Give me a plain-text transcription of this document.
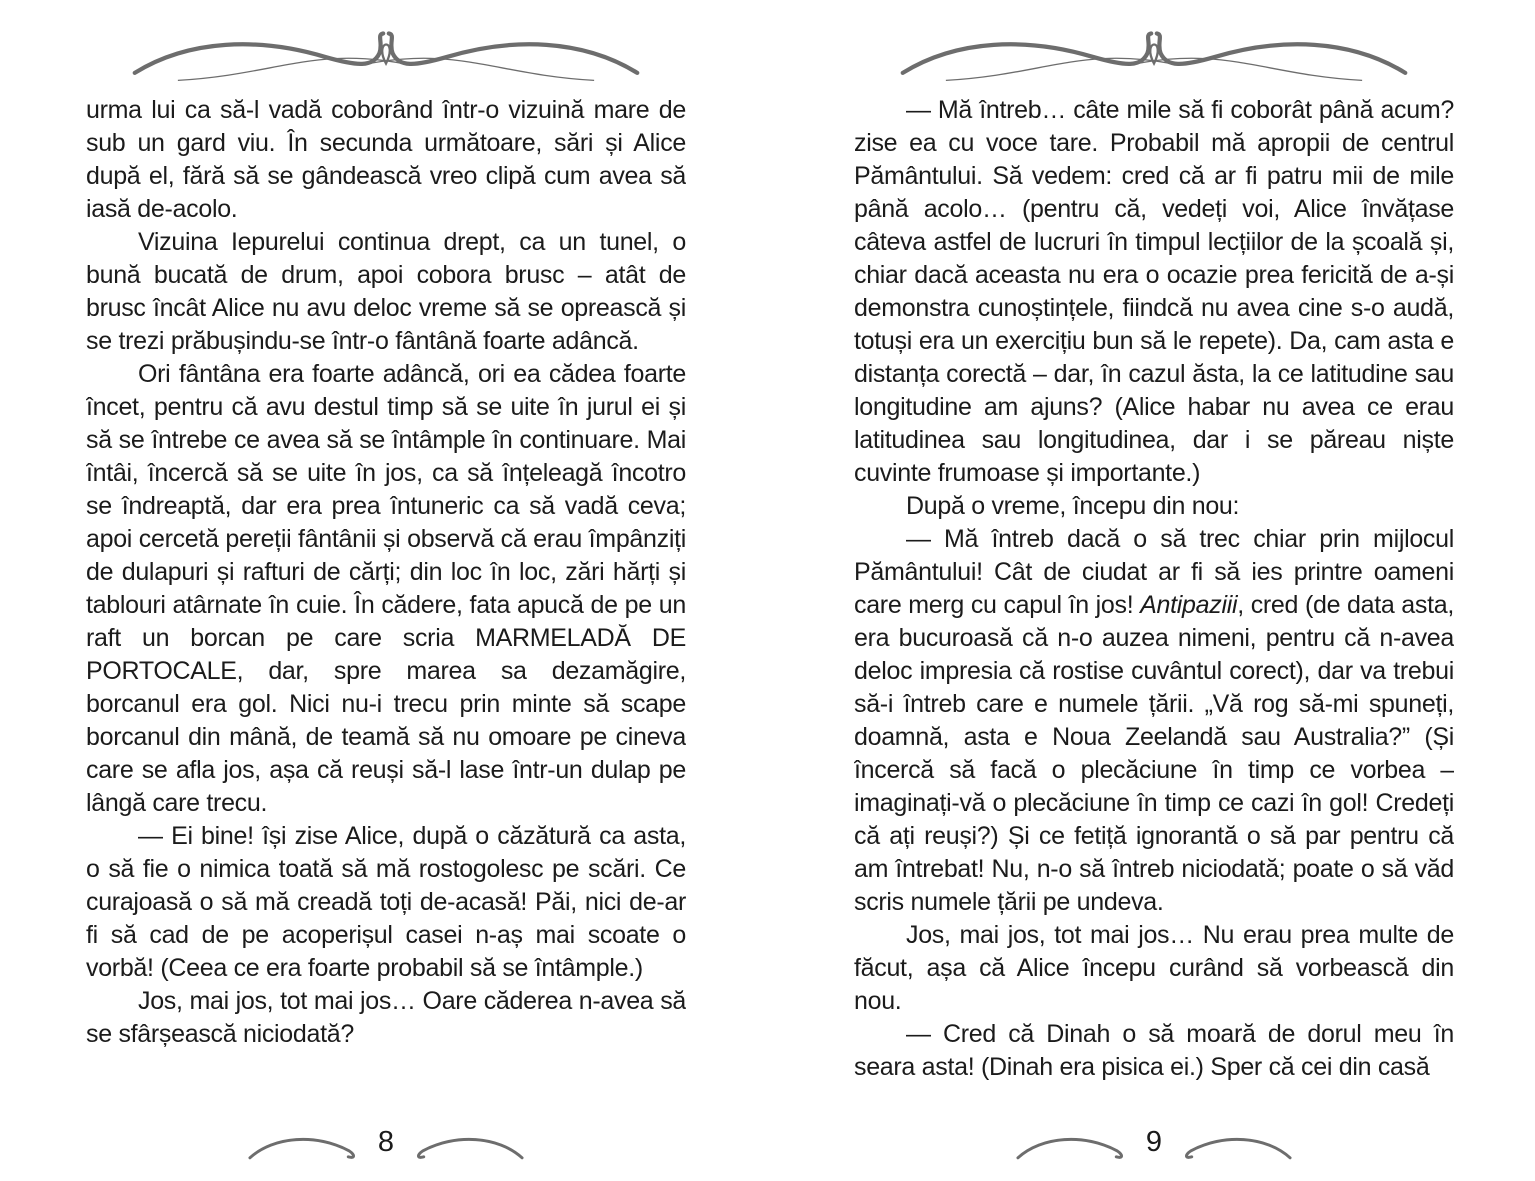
urma lui ca să-l vadă coborând într-o vizuină mare de sub un gard viu. În secunda următoare, sări și Alice după el, fără să se gândească vreo clipă cum avea să iasă de-acolo.

Vizuina Iepurelui continua drept, ca un tunel, o bună bucată de drum, apoi cobora brusc – atât de brusc încât Alice nu avu deloc vreme să se oprească și se trezi prăbușindu-se într-o fântână foarte adâncă.

Ori fântâna era foarte adâncă, ori ea cădea foarte încet, pentru că avu destul timp să se uite în jurul ei și să se întrebe ce avea să se întâmple în continuare. Mai întâi, încercă să se uite în jos, ca să înțeleagă încotro se îndreaptă, dar era prea întuneric ca să vadă ceva; apoi cercetă pereții fântânii și observă că erau împânziți de dulapuri și rafturi de cărți; din loc în loc, zări hărți și tablouri atârnate în cuie. În cădere, fata apucă de pe un raft un borcan pe care scria MARMELADĂ DE PORTOCALE, dar, spre marea sa dezamăgire, borcanul era gol. Nici nu-i trecu prin minte să scape borcanul din mână, de teamă să nu omoare pe cineva care se afla jos, așa că reuși să-l lase într-un dulap pe lângă care trecu.

— Ei bine! își zise Alice, după o căzătură ca asta, o să fie o nimica toată să mă rostogolesc pe scări. Ce curajoasă o să mă creadă toți de-acasă! Păi, nici de-ar fi să cad de pe acoperișul casei n-aș mai scoate o vorbă! (Ceea ce era foarte probabil să se întâmple.)

Jos, mai jos, tot mai jos… Oare căderea n-avea să se sfârșească niciodată?

8

— Mă întreb… câte mile să fi coborât până acum? zise ea cu voce tare. Probabil mă apropii de centrul Pământului. Să vedem: cred că ar fi patru mii de mile până acolo… (pentru că, vedeți voi, Alice învățase câteva astfel de lucruri în timpul lecțiilor de la școală și, chiar dacă aceasta nu era o ocazie prea fericită de a-și demonstra cunoștințele, fiindcă nu avea cine s-o audă, totuși era un exercițiu bun să le repete). Da, cam asta e distanța corectă – dar, în cazul ăsta, la ce latitudine sau longitudine am ajuns? (Alice habar nu avea ce erau latitudinea sau longitudinea, dar i se păreau niște cuvinte frumoase și importante.)

După o vreme, începu din nou:

— Mă întreb dacă o să trec chiar prin mijlocul Pământului! Cât de ciudat ar fi să ies printre oameni care merg cu capul în jos! Antipaziii, cred (de data asta, era bucuroasă că n-o auzea nimeni, pentru că n-avea deloc impresia că rostise cuvântul corect), dar va trebui să-i întreb care e numele țării. „Vă rog să-mi spuneți, doamnă, asta e Noua Zeelandă sau Australia?” (Și încercă să facă o plecăciune în timp ce vorbea – imaginați-vă o plecăciune în timp ce cazi în gol! Credeți că ați reuși?) Și ce fetiță ignorantă o să par pentru că am întrebat! Nu, n-o să întreb niciodată; poate o să văd scris numele țării pe undeva.

Jos, mai jos, tot mai jos… Nu erau prea multe de făcut, așa că Alice începu curând să vorbească din nou.

— Cred că Dinah o să moară de dorul meu în seara asta! (Dinah era pisica ei.) Sper că cei din casă

9
